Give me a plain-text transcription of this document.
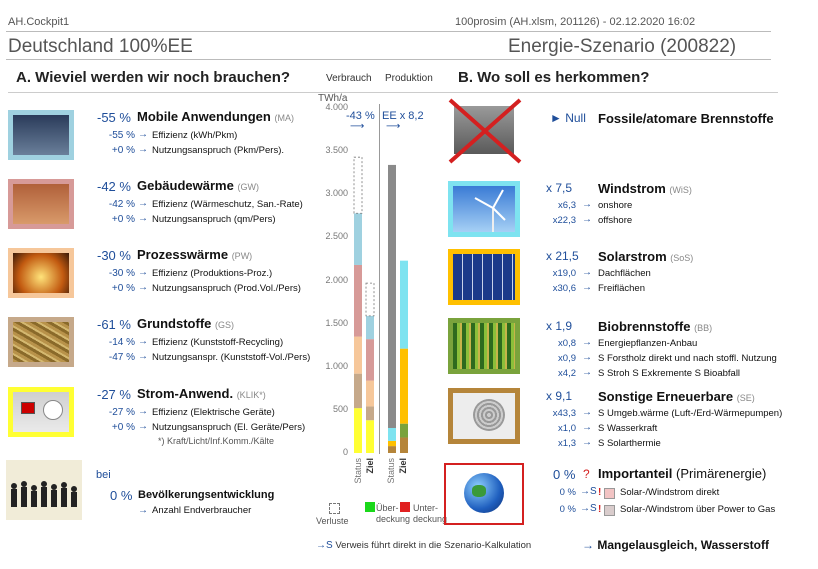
AH.Cockpit1	100prosim (AH.xlsm, 201126) - 02.12.2020 16:02
Deutschland 100%EE	Energie-Szenario (200822)
A. Wieviel werden wir noch brauchen?	B. Wo soll es herkommen?
Verbrauch Produktion
-55 % Mobile Anwendungen (MA)
-55 % → Effizienz (kWh/Pkm)
+0 % → Nutzungsanspruch (Pkm/Pers).
-42 % Gebäudewärme (GW)
-42 % → Effizienz (Wärmeschutz, San.-Rate)
+0 % → Nutzungsanspruch (qm/Pers)
-30 % Prozesswärme (PW)
-30 % → Effizienz (Produktions-Proz.)
+0 % → Nutzungsanspruch (Prod.Vol./Pers)
-61 % Grundstoffe (GS)
-14 % → Effizienz (Kunststoff-Recycling)
-47 % → Nutzungsanspr. (Kunststoff-Vol./Pers)
-27 % Strom-Anwend. (KLIK*)
-27 % → Effizienz (Elektrische Geräte)
+0 % → Nutzungsanspruch (El. Geräte/Pers)
*) Kraft/Licht/Inf.Komm./Kälte
bei
0 % Bevölkerungsentwicklung
→ Anzahl Endverbraucher
TWh/a
4.000
3.500
3.000
2.500
2.000
1.500
1.000
500
0
-43 % EE x 8,2
⟶ ⟶
Status Ziel Status Ziel
Verluste
Über-deckung
Unter-deckung
► Null Fossile/atomare Brennstoffe
x 7,5 Windstrom (WiS)
x6,3 → onshore
x22,3 → offshore
x 21,5 Solarstrom (SoS)
x19,0 → Dachflächen
x30,6 → Freiflächen
x 1,9 Biobrennstoffe (BB)
x0,8 → Energiepflanzen-Anbau
x0,9 → S Forstholz direkt und nach stoffl. Nutzung
x4,2 → S Stroh S Exkremente S Bioabfall
x 9,1 Sonstige Erneuerbare (SE)
x43,3 → S Umgeb.wärme (Luft-/Erd-Wärmepumpen)
x1,0 → S Wasserkraft
x1,3 → S Solarthermie
0 % ? Importanteil (Primärenergie)
0 % →S ! Solar-/Windstrom direkt
0 % →S ! Solar-/Windstrom über Power to Gas
→S Verweis führt direkt in die Szenario-Kalkulation	→ Mangelausgleich, Wasserstoff
